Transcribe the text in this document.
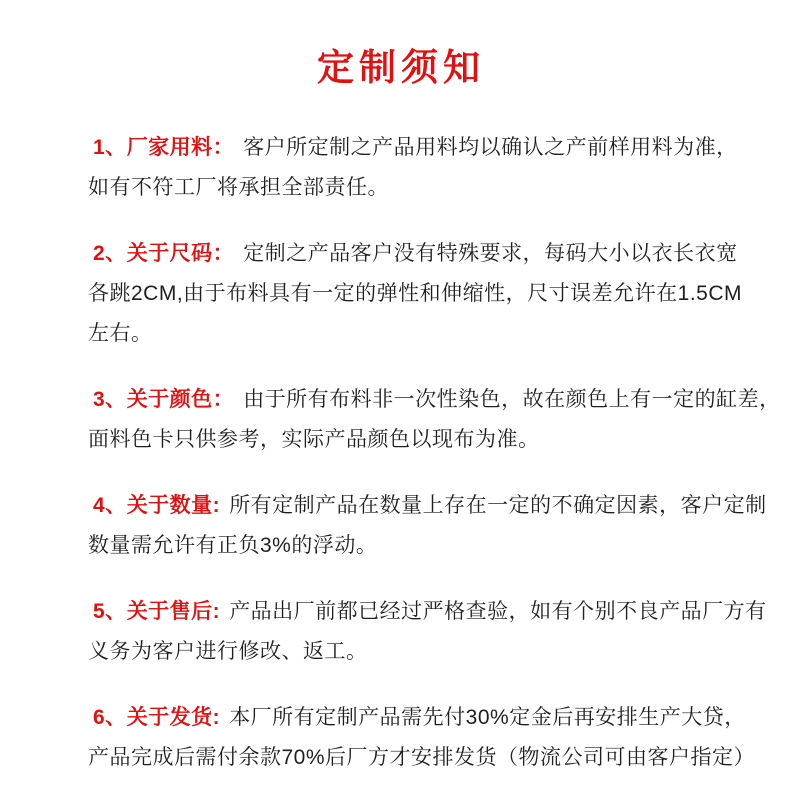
定制须知

1、厂家用料： 客户所定制之产品用料均以确认之产前样用料为准，

如有不符工厂将承担全部责任。

2、关于尺码： 定制之产品客户没有特殊要求，每码大小以衣长衣宽

各跳2CM,由于布料具有一定的弹性和伸缩性，尺寸误差允许在1.5CM

左右。

3、关于颜色： 由于所有布料非一次性染色，故在颜色上有一定的缸差，

面料色卡只供参考，实际产品颜色以现布为准。

4、关于数量: 所有定制产品在数量上存在一定的不确定因素，客户定制

数量需允许有正负3%的浮动。

5、关于售后: 产品出厂前都已经过严格查验，如有个别不良产品厂方有

义务为客户进行修改、返工。

6、关于发货: 本厂所有定制产品需先付30%定金后再安排生产大贷，

产品完成后需付余款70%后厂方才安排发货（物流公司可由客户指定）
